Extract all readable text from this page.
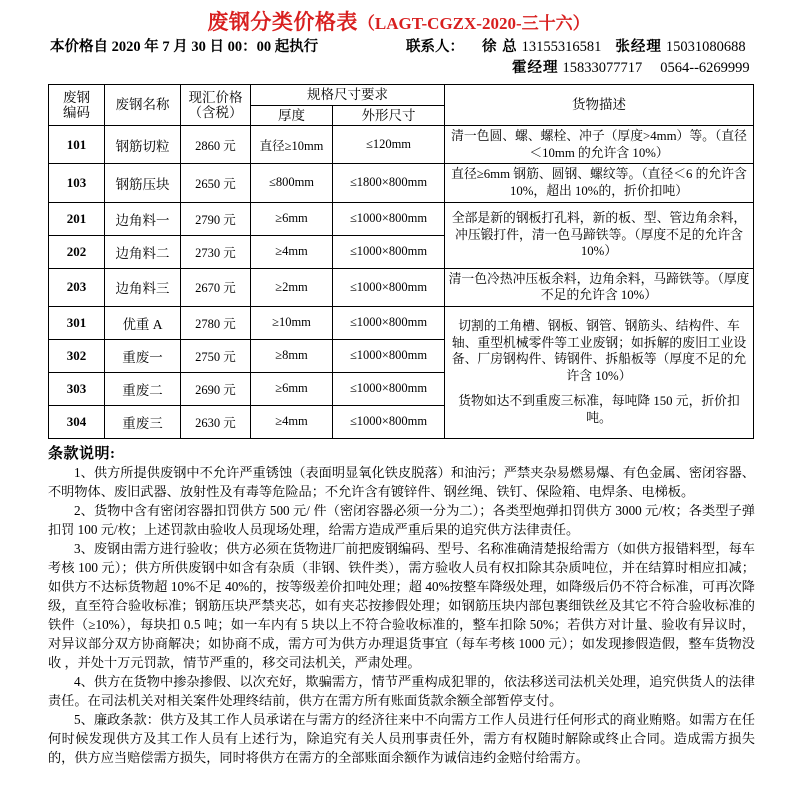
废钢分类价格表（LAGT-CGZX-2020-三十六）
本价格自 2020 年 7 月 30 日 00：00 起执行	联系人： 徐 总 13155316581 张经理 15031080688
霍经理 15833077717 0564--6269999
废钢
编码	废钢名称	现汇价格
（含税）	规格尺寸要求		货物描述
			厚度	外形尺寸	
101	钢筋切粒	2860 元	直径≥10mm	≤120mm	清一色圆、螺、螺栓、冲子（厚度>4mm）等。（直径＜10mm 的允许含 10%）
103	钢筋压块	2650 元	≤800mm	≤1800×800mm	直径≥6mm 钢筋、圆钢、螺纹等。（直径＜6 的允许含 10%，超出 10%的，折价扣吨）
201	边角料一	2790 元	≥6mm	≤1000×800mm	全部是新的钢板打孔料，新的板、型、管边角余料，冲压锻打件，清一色马蹄铁等。（厚度不足的允许含 10%）
202	边角料二	2730 元	≥4mm	≤1000×800mm	
203	边角料三	2670 元	≥2mm	≤1000×800mm	清一色冷热冲压板余料，边角余料，马蹄铁等。（厚度不足的允许含 10%）
301	优重 A	2780 元	≥10mm	≤1000×800mm	切割的工角槽、钢板、钢管、钢筋头、结构件、车轴、重型机械零件等工业废钢；如拆解的废旧工业设备、厂房钢构件、铸钢件、拆船板等（厚度不足的允许含 10%）

货物如达不到重废三标准，每吨降 150 元，折价扣吨。

302	重废一	2750 元	≥8mm	≤1000×800mm	
303	重废二	2690 元	≥6mm	≤1000×800mm	
304	重废三	2630 元	≥4mm	≤1000×800mm	
条款说明:

1、供方所提供废钢中不允许严重锈蚀（表面明显氧化铁皮脱落）和油污；严禁夹杂易燃易爆、有色金属、密闭容器、不明物体、废旧武器、放射性及有毒等危险品；不允许含有镀锌件、钢丝绳、铁钉、保险箱、电焊条、电梯板。

2、货物中含有密闭容器扣罚供方 500 元/ 件（密闭容器必须一分为二）；各类型炮弹扣罚供方 3000 元/枚；各类型子弹扣罚 100 元/枚；上述罚款由验收人员现场处理，给需方造成严重后果的追究供方法律责任。

3、废钢由需方进行验收；供方必须在货物进厂前把废钢编码、型号、名称准确清楚报给需方（如供方报错料型，每车考核 100 元）；供方所供废钢中如含有杂质（非钢、铁件类），需方验收人员有权扣除其杂质吨位，并在结算时相应扣减；如供方不达标货物超 10%不足 40%的，按等级差价扣吨处理；超 40%按整车降级处理，如降级后仍不符合标准，可再次降级，直至符合验收标准；钢筋压块严禁夹芯，如有夹芯按掺假处理；如钢筋压块内部包裹细铁丝及其它不符合验收标准的铁件（≥10%），每块扣 0.5 吨；如一车内有 5 块以上不符合验收标准的，整车扣除 50%；若供方对计量、验收有异议时，对异议部分双方协商解决；如协商不成，需方可为供方办理退货事宜（每车考核 1000 元）；如发现掺假造假，整车货物没收 ，并处十万元罚款，情节严重的，移交司法机关，严肃处理。

4、供方在货物中掺杂掺假、以次充好，欺骗需方，情节严重构成犯罪的，依法移送司法机关处理，追究供货人的法律责任。在司法机关对相关案件处理终结前，供方在需方所有账面货款余额全部暂停支付。

5、廉政条款：供方及其工作人员承诺在与需方的经济往来中不向需方工作人员进行任何形式的商业贿赂。如需方在任何时候发现供方及其工作人员有上述行为，除追究有关人员刑事责任外，需方有权随时解除或终止合同。造成需方损失的，供方应当赔偿需方损失，同时将供方在需方的全部账面余额作为诚信违约金赔付给需方。
